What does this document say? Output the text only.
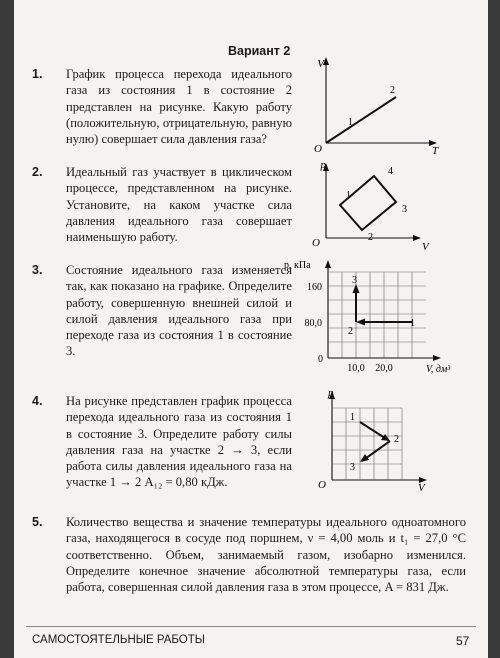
Вариант 2
1. График процесса перехода идеального газа из состояния 1 в состояние 2 представлен на рисунке. Какую работу (положительную, отрицательную, равную нулю) совершает сила давления газа?
V
T
O
1
2
2. Идеальный газ участвует в циклическом процессе, представленном на рисунке. Установите, на каком участке сила давления идеального газа совершает наименьшую работу.
p
V
O
1
2
3
4
3. Состояние идеального газа изменяется так, как показано на графике. Определите работу, совершенную внешней силой и силой давления идеального газа при переходе газа из состояния 1 в состояние 3.
p, кПа
V, дм³
0
160
80,0
10,0 20,0
1
2
3
4. На рисунке представлен график процесса перехода идеального газа из состояния 1 в состояние 3. Определите работу силы давления газа на участке 2 → 3, если работа силы давления идеального газа на участке 1 → 2 A₁₂ = 0,80 кДж.
p
V
O
1
2
3
5. Количество вещества и значение температуры идеального одноатомного газа, находящегося в сосуде под поршнем, ν = 4,00 моль и t₁ = 27,0 °С соответственно. Объем, занимаемый газом, изобарно изменился. Определите конечное значение абсолютной температуры газа, если работа, совершенная силой давления газа в этом процессе, A = 831 Дж.
САМОСТОЯТЕЛЬНЫЕ РАБОТЫ	57
